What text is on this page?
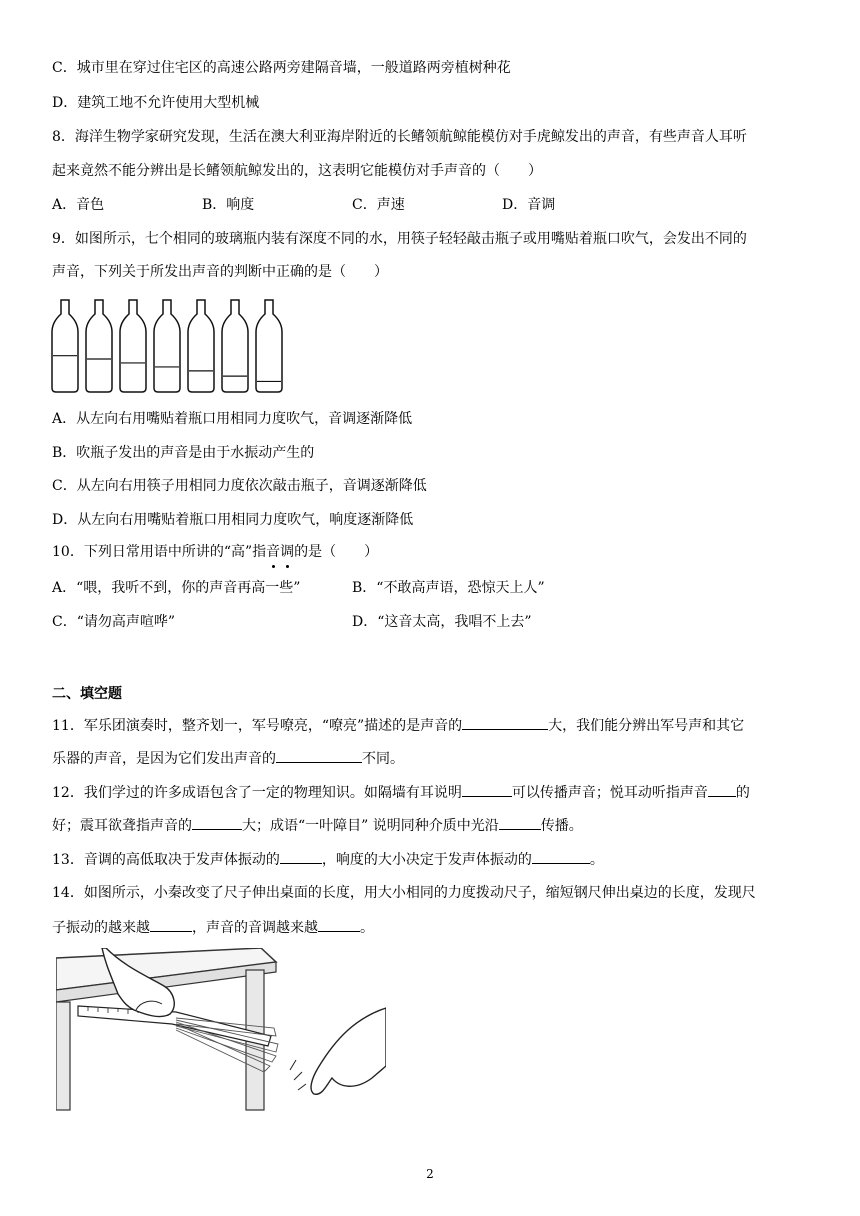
C．城市里在穿过住宅区的高速公路两旁建隔音墙，一般道路两旁植树种花
D．建筑工地不允许使用大型机械
8．海洋生物学家研究发现，生活在澳大利亚海岸附近的长鳍领航鲸能模仿对手虎鲸发出的声音，有些声音人耳听
起来竟然不能分辨出是长鳍领航鲸发出的，这表明它能模仿对手声音的（　　）
A．音色	B．响度	C．声速	D．音调
9．如图所示，七个相同的玻璃瓶内装有深度不同的水，用筷子轻轻敲击瓶子或用嘴贴着瓶口吹气，会发出不同的
声音，下列关于所发出声音的判断中正确的是（　　）
A．从左向右用嘴贴着瓶口用相同力度吹气，音调逐渐降低
B．吹瓶子发出的声音是由于水振动产生的
C．从左向右用筷子用相同力度依次敲击瓶子，音调逐渐降低
D．从左向右用嘴贴着瓶口用相同力度吹气，响度逐渐降低
10．下列日常用语中所讲的“高”指音调的是（　　）
A．“喂，我听不到，你的声音再高一些”	B．“不敢高声语，恐惊天上人”
C．“请勿高声喧哗”	D．“这音太高，我唱不上去”
二、填空题
11．军乐团演奏时，整齐划一，军号嘹亮，“嘹亮”描述的是声音的	大，我们能分辨出军号声和其它
乐器的声音，是因为它们发出声音的	不同。
12．我们学过的许多成语包含了一定的物理知识。如隔墙有耳说明	可以传播声音；悦耳动听指声音 的
好；震耳欲聋指声音的	大；成语“一叶障目” 说明同种介质中光沿	传播。
13．音调的高低取决于发声体振动的	，响度的大小决定于发声体振动的	。
14．如图所示，小秦改变了尺子伸出桌面的长度，用大小相同的力度拨动尺子，缩短钢尺伸出桌边的长度，发现尺
子振动的越来越	，声音的音调越来越	。
2
